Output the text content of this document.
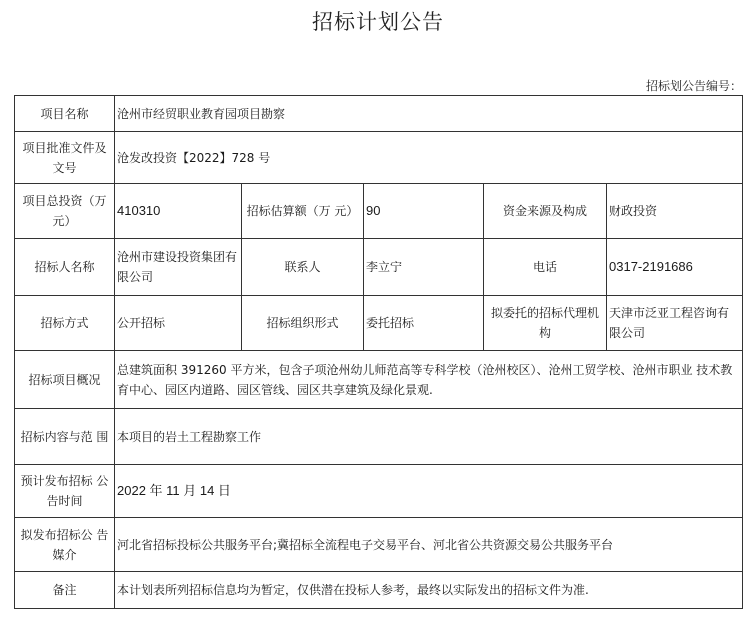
招标计划公告
招标划公告编号：
项目名称	沧州市经贸职业教育园项目勘察				
项目批准文件及文号	沧发改投资【2022】728 号				
项目总投资（万元）	410310	招标估算额（万 元）	90	资金来源及构成	财政投资
招标人名称	沧州市建设投资集团有限公司	联系人	李立宁	电话	0317-2191686
招标方式	公开招标	招标组织形式	委托招标	拟委托的招标代理机构	天津市泛亚工程咨询有限公司
招标项目概况	总建筑面积 391260 平方米，包含子项沧州幼儿师范高等专科学校（沧州校区）、沧州工贸学校、沧州市职业 技术教育中心、园区内道路、园区管线、园区共享建筑及绿化景观.				
招标内容与范 围	本项目的岩土工程勘察工作				
预计发布招标 公告时间	2022 年 11 月 14 日				
拟发布招标公 告媒介	河北省招标投标公共服务平台;冀招标全流程电子交易平台、河北省公共资源交易公共服务平台				
备注	本计划表所列招标信息均为暂定，仅供潜在投标人参考，最终以实际发出的招标文件为准.				
